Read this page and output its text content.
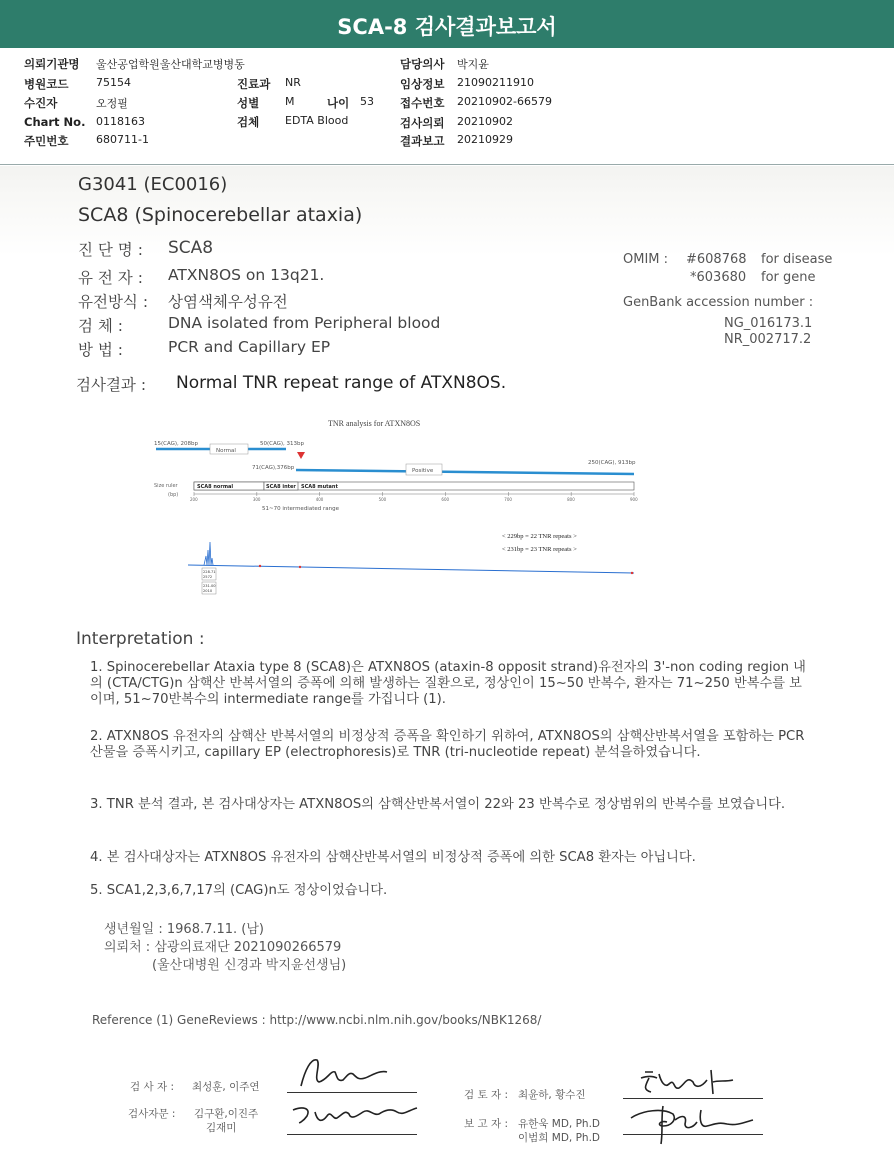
SCA-8 검사결과보고서
의뢰기관명 울산공업학원울산대학교병병동
병원코드	75154
수진자	오정필
Chart No. 0118163
주민번호	680711-1
진료과 NR
성별 M	나이 53
검체 EDTA Blood
담당의사 박지윤
임상정보 21090211910
접수번호 20210902-66579
검사의뢰 20210902
결과보고 20210929
G3041 (EC0016)
SCA8 (Spinocerebellar ataxia)
진 단 명 : SCA8
유 전 자 : ATXN8OS on 13q21.
유전방식 : 상염색체우성유전
검 체 :	DNA isolated from Peripheral blood
방 법 :	PCR and Capillary EP
OMIM : #608768 for disease
*603680 for gene
GenBank accession number :
NG_016173.1
NR_002717.2
검사결과 : Normal TNR repeat range of ATXN8OS.
TNR analysis for ATXN8OS
15(CAG), 208bp	50(CAG), 313bp
Normal
71(CAG),376bp
250(CAG), 913bp
Positive
Size ruler
(bp)
SCA8 normal	SCA8 inter SCA8 mutant
200	300	400	500	600	700	800	900
51~70 intermediated range
< 229bp = 22 TNR repeats >
< 231bp = 23 TNR repeats >
228.71
2572
231.00
2010
Interpretation :
1. Spinocerebellar Ataxia type 8 (SCA8)은 ATXN8OS (ataxin-8 opposit strand)유전자의 3'-non coding region 내의 (CTA/CTG)n 삼핵산 반복서열의 증폭에 의해 발생하는 질환으로, 정상인이 15~50 반복수, 환자는 71~250 반복수를 보이며, 51~70반복수의 intermediate range를 가집니다 (1).
2. ATXN8OS 유전자의 삼핵산 반복서열의 비정상적 증폭을 확인하기 위하여, ATXN8OS의 삼핵산반복서열을 포함하는 PCR 산물을 증폭시키고, capillary EP (electrophoresis)로 TNR (tri-nucleotide repeat) 분석을하였습니다.
3. TNR 분석 결과, 본 검사대상자는 ATXN8OS의 삼핵산반복서열이 22와 23 반복수로 정상범위의 반복수를 보였습니다.
4. 본 검사대상자는 ATXN8OS 유전자의 삼핵산반복서열의 비정상적 증폭에 의한 SCA8 환자는 아닙니다.
5. SCA1,2,3,6,7,17의 (CAG)n도 정상이었습니다.
생년월일 : 1968.7.11. (남)
의뢰처 : 삼광의료재단 2021090266579
(울산대병원 신경과 박지윤선생님)
Reference (1) GeneReviews : http://www.ncbi.nlm.nih.gov/books/NBK1268/
검 사 자 : 최성훈, 이주연
검사자문 : 김구환,이진주
김재미
검 토 자 : 최윤하, 황수진
보 고 자 : 유한욱 MD, Ph.D
이범희 MD, Ph.D
